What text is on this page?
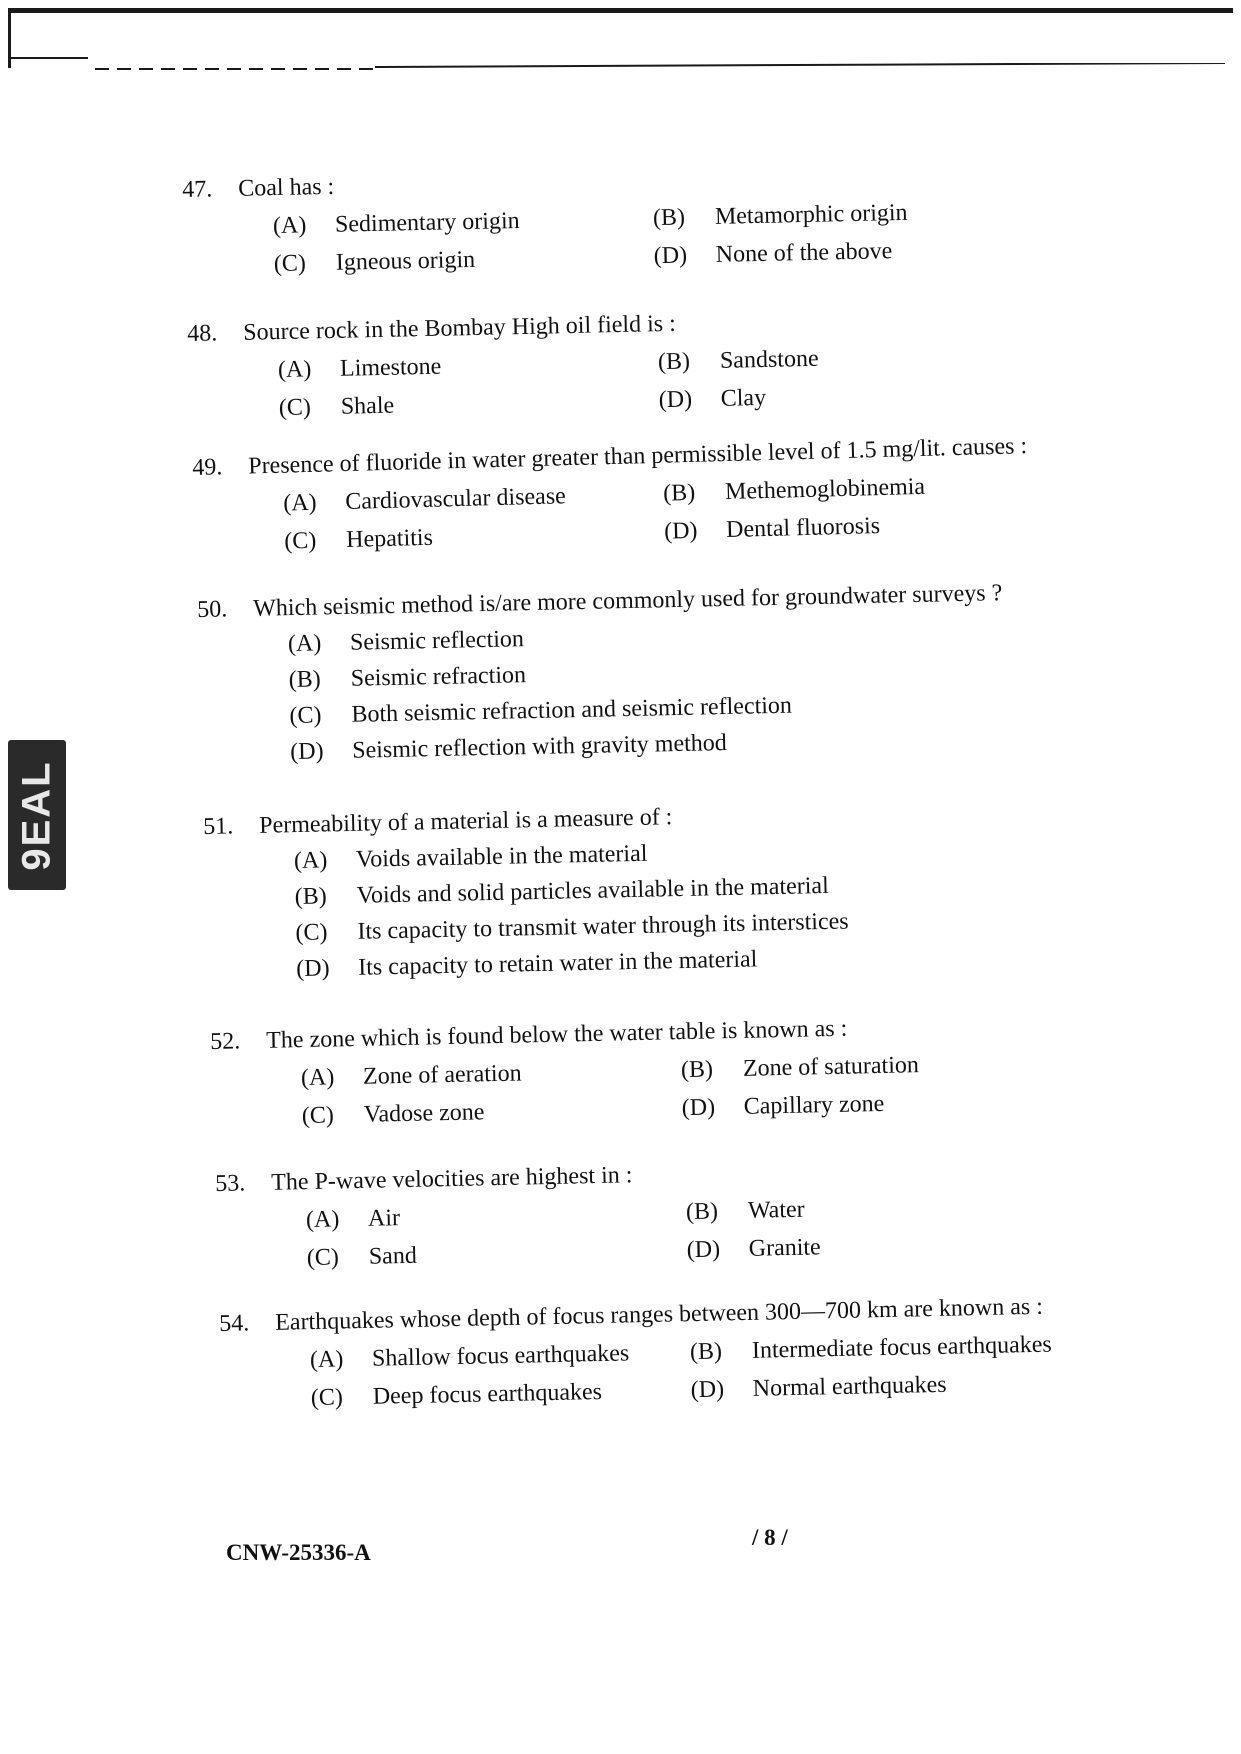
9EAL
47.	Coal has :
(A)	Sedimentary origin	(B)	Metamorphic origin
(C)	Igneous origin	(D)	None of the above
48.	Source rock in the Bombay High oil field is :
(A)	Limestone	(B)	Sandstone
(C)	Shale	(D)	Clay
49.	Presence of fluoride in water greater than permissible level of 1.5 mg/lit. causes :
(A)	Cardiovascular disease	(B)	Methemoglobinemia
(C)	Hepatitis	(D)	Dental fluorosis
50.	Which seismic method is/are more commonly used for groundwater surveys ?
(A)	Seismic reflection
(B)	Seismic refraction
(C)	Both seismic refraction and seismic reflection
(D)	Seismic reflection with gravity method
51.	Permeability of a material is a measure of :
(A)	Voids available in the material
(B)	Voids and solid particles available in the material
(C)	Its capacity to transmit water through its interstices
(D)	Its capacity to retain water in the material
52.	The zone which is found below the water table is known as :
(A)	Zone of aeration	(B)	Zone of saturation
(C)	Vadose zone	(D)	Capillary zone
53.	The P-wave velocities are highest in :
(A)	Air	(B)	Water
(C)	Sand	(D)	Granite
54.	Earthquakes whose depth of focus ranges between 300—700 km are known as :
(A)	Shallow focus earthquakes	(B)	Intermediate focus earthquakes
(C)	Deep focus earthquakes	(D)	Normal earthquakes
CNW-25336-A
/ 8 /
